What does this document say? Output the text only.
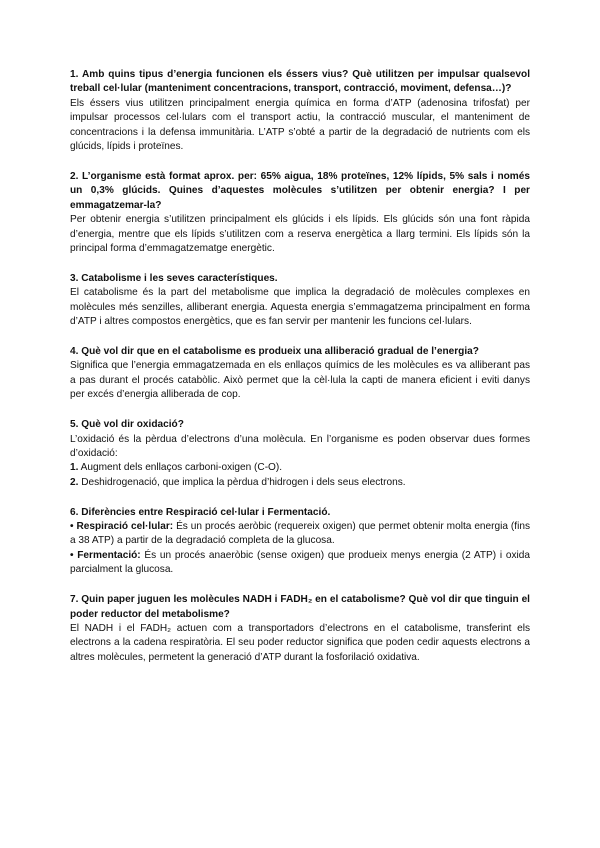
1. Amb quins tipus d’energia funcionen els éssers vius? Què utilitzen per impulsar qualsevol treball cel·lular (manteniment concentracions, transport, contracció, moviment, defensa…)?

Els éssers vius utilitzen principalment energia química en forma d’ATP (adenosina trifosfat) per impulsar processos cel·lulars com el transport actiu, la contracció muscular, el manteniment de concentracions i la defensa immunitària. L’ATP s’obté a partir de la degradació de nutrients com els glúcids, lípids i proteïnes.

2. L’organisme està format aprox. per: 65% aigua, 18% proteïnes, 12% lípids, 5% sals i només un 0,3% glúcids. Quines d’aquestes molècules s’utilitzen per obtenir energia? I per emmagatzemar-la?

Per obtenir energia s’utilitzen principalment els glúcids i els lípids. Els glúcids són una font ràpida d’energia, mentre que els lípids s’utilitzen com a reserva energètica a llarg termini. Els lípids són la principal forma d’emmagatzematge energètic.

3. Catabolisme i les seves característiques.

El catabolisme és la part del metabolisme que implica la degradació de molècules complexes en molècules més senzilles, alliberant energia. Aquesta energia s’emmagatzema principalment en forma d’ATP i altres compostos energètics, que es fan servir per mantenir les funcions cel·lulars.

4. Què vol dir que en el catabolisme es produeix una alliberació gradual de l’energia?

Significa que l’energia emmagatzemada en els enllaços químics de les molècules es va alliberant pas a pas durant el procés catabòlic. Això permet que la cèl·lula la capti de manera eficient i eviti danys per excés d’energia alliberada de cop.

5. Què vol dir oxidació?

L’oxidació és la pèrdua d’electrons d’una molècula. En l’organisme es poden observar dues formes d’oxidació:

1. Augment dels enllaços carboni-oxigen (C-O).

2. Deshidrogenació, que implica la pèrdua d’hidrogen i dels seus electrons.

6. Diferències entre Respiració cel·lular i Fermentació.

• Respiració cel·lular: És un procés aeròbic (requereix oxigen) que permet obtenir molta energia (fins a 38 ATP) a partir de la degradació completa de la glucosa.

• Fermentació: És un procés anaeròbic (sense oxigen) que produeix menys energia (2 ATP) i oxida parcialment la glucosa.

7. Quin paper juguen les molècules NADH i FADH₂ en el catabolisme? Què vol dir que tinguin el poder reductor del metabolisme?

El NADH i el FADH₂ actuen com a transportadors d’electrons en el catabolisme, transferint els electrons a la cadena respiratòria. El seu poder reductor significa que poden cedir aquests electrons a altres molècules, permetent la generació d’ATP durant la fosforilació oxidativa.
